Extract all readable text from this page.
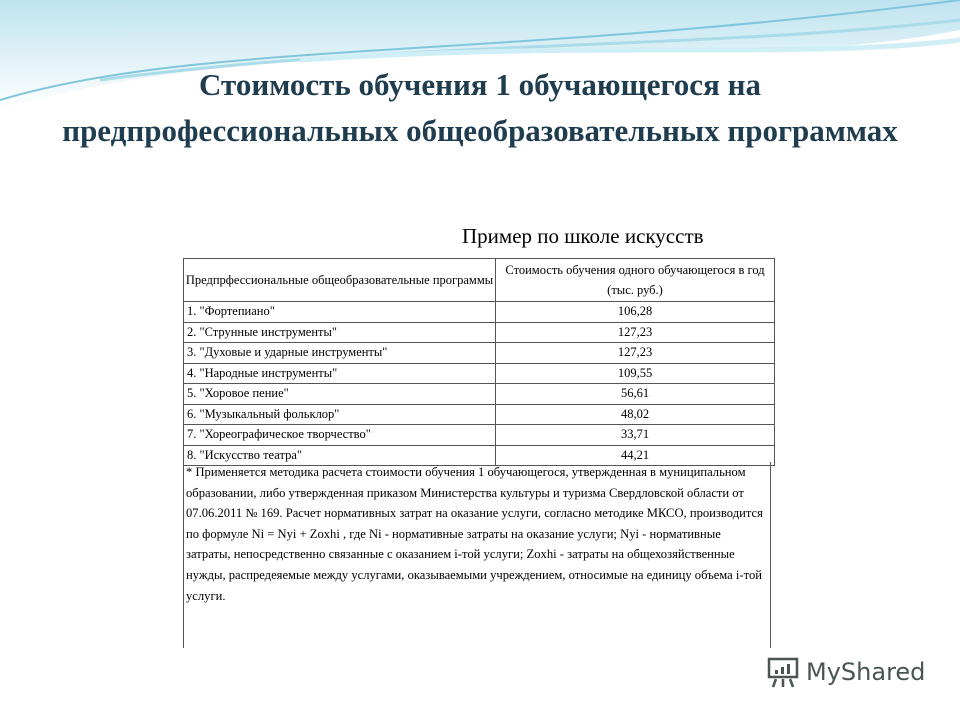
Стоимость обучения 1 обучающегося на предпрофессиональных общеобразовательных программах
Пример по школе искусств
Предпрфессиональные общеобразовательные программы	Стоимость обучения одного обучающегося в год (тыс. руб.)
1. "Фортепиано"	106,28
2. "Струнные инструменты"	127,23
3. "Духовые и ударные инструменты"	127,23
4. "Народные инструменты"	109,55
5. "Хоровое пение"	56,61
6. "Музыкальный фольклор"	48,02
7. "Хореографическое творчество"	33,71
8. "Искусство театра"	44,21
* Применяется методика расчета стоимости обучения 1 обучающегося, утвержденная в муниципальном образовании, либо утвержденная приказом Министерства культуры и туризма Свердловской области от 07.06.2011 № 169. Расчет нормативных затрат на оказание услуги, согласно методике МКСО, производится по формуле Ni = Nyi + Zoxhi , где Ni - нормативные затраты на оказание услуги; Nyi - нормативные затраты, непосредственно связанные с оказанием i-той услуги; Zoxhi - затраты на общехозяйственные нужды, распредеяемые между услугами, оказываемыми учреждением, относимые на единицу объема i-той услуги.
MyShared
